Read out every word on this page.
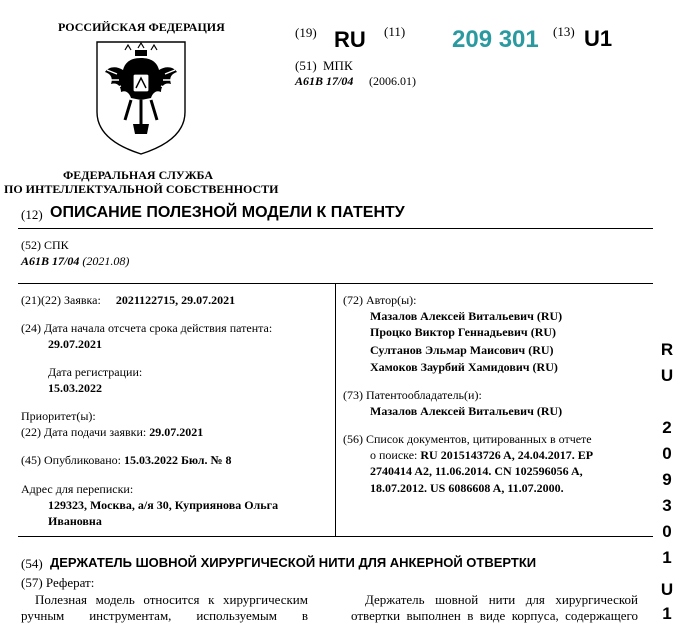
РОССИЙСКАЯ ФЕДЕРАЦИЯ
ФЕДЕРАЛЬНАЯ СЛУЖБА
ПО ИНТЕЛЛЕКТУАЛЬНОЙ СОБСТВЕННОСТИ
(19) RU (11) 209 301 (13) U1
(51) МПК
A61B 17/04 (2006.01)
(12) ОПИСАНИЕ ПОЛЕЗНОЙ МОДЕЛИ К ПАТЕНТУ
(52) СПК
A61B 17/04 (2021.08)
(21)(22) Заявка: 2021122715, 29.07.2021
(24) Дата начала отсчета срока действия патента:
29.07.2021
Дата регистрации:
15.03.2022
Приоритет(ы):
(22) Дата подачи заявки: 29.07.2021
(45) Опубликовано: 15.03.2022 Бюл. № 8
Адрес для переписки:
129323, Москва, а/я 30, Куприянова Ольга
Ивановна
(72) Автор(ы):
Мазалов Алексей Витальевич (RU)
Процко Виктор Геннадьевич (RU)
Султанов Эльмар Маисович (RU)
Хамоков Заурбий Хамидович (RU)
(73) Патентообладатель(и):
Мазалов Алексей Витальевич (RU)
(56) Список документов, цитированных в отчете
о поиске: RU 2015143726 A, 24.04.2017. EP
2740414 A2, 11.06.2014. CN 102596056 A,
18.07.2012. US 6086608 A, 11.07.2000.
(54) ДЕРЖАТЕЛЬ ШОВНОЙ ХИРУРГИЧЕСКОЙ НИТИ ДЛЯ АНКЕРНОЙ ОТВЕРТКИ
(57) Реферат:
Полезная модель относится к хирургическим
ручным инструментам, используемым в
Держатель шовной нити для хирургической
отвертки выполнен в виде корпуса, содержащего
R
U
2
0
9
3
0
1
U
1
